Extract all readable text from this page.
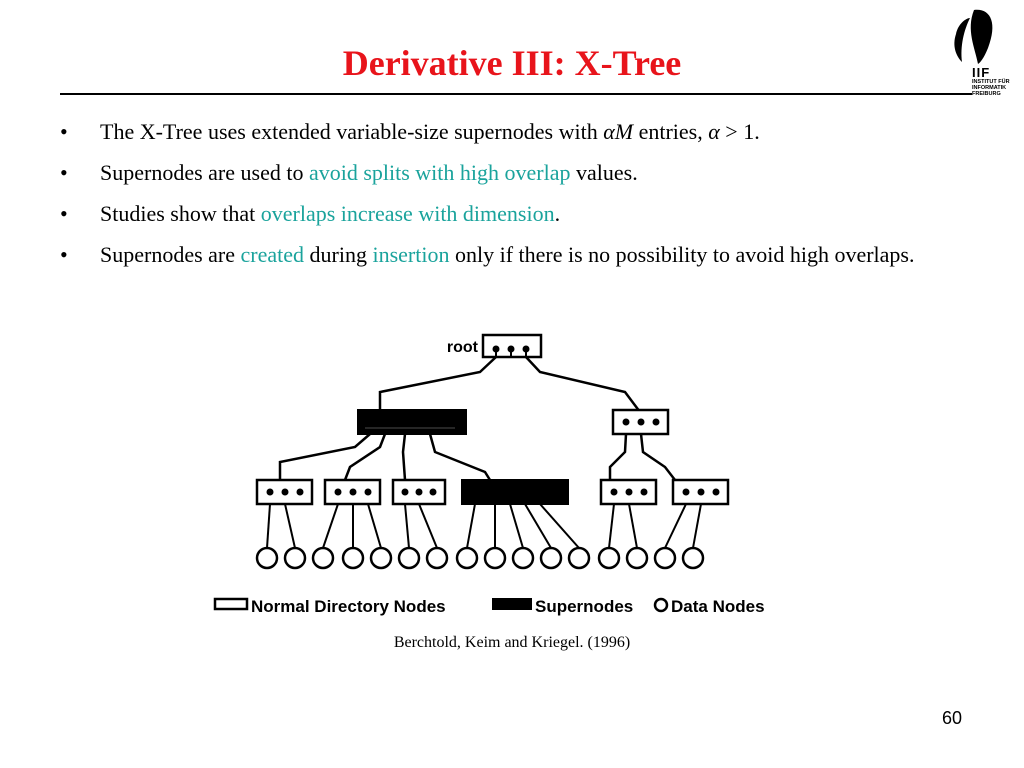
Derivative III: X-Tree	IIF
INSTITUT FÜR
INFORMATIK
FREIBURG
• The X-Tree uses extended variable-size supernodes with αM entries, α > 1.
• Supernodes are used to avoid splits with high overlap values.
• Studies show that overlaps increase with dimension.
• Supernodes are created during insertion only if there is no possibility to avoid high overlaps.
root
Normal Directory Nodes	Supernodes Data Nodes
Berchtold, Keim and Kriegel. (1996)
60
